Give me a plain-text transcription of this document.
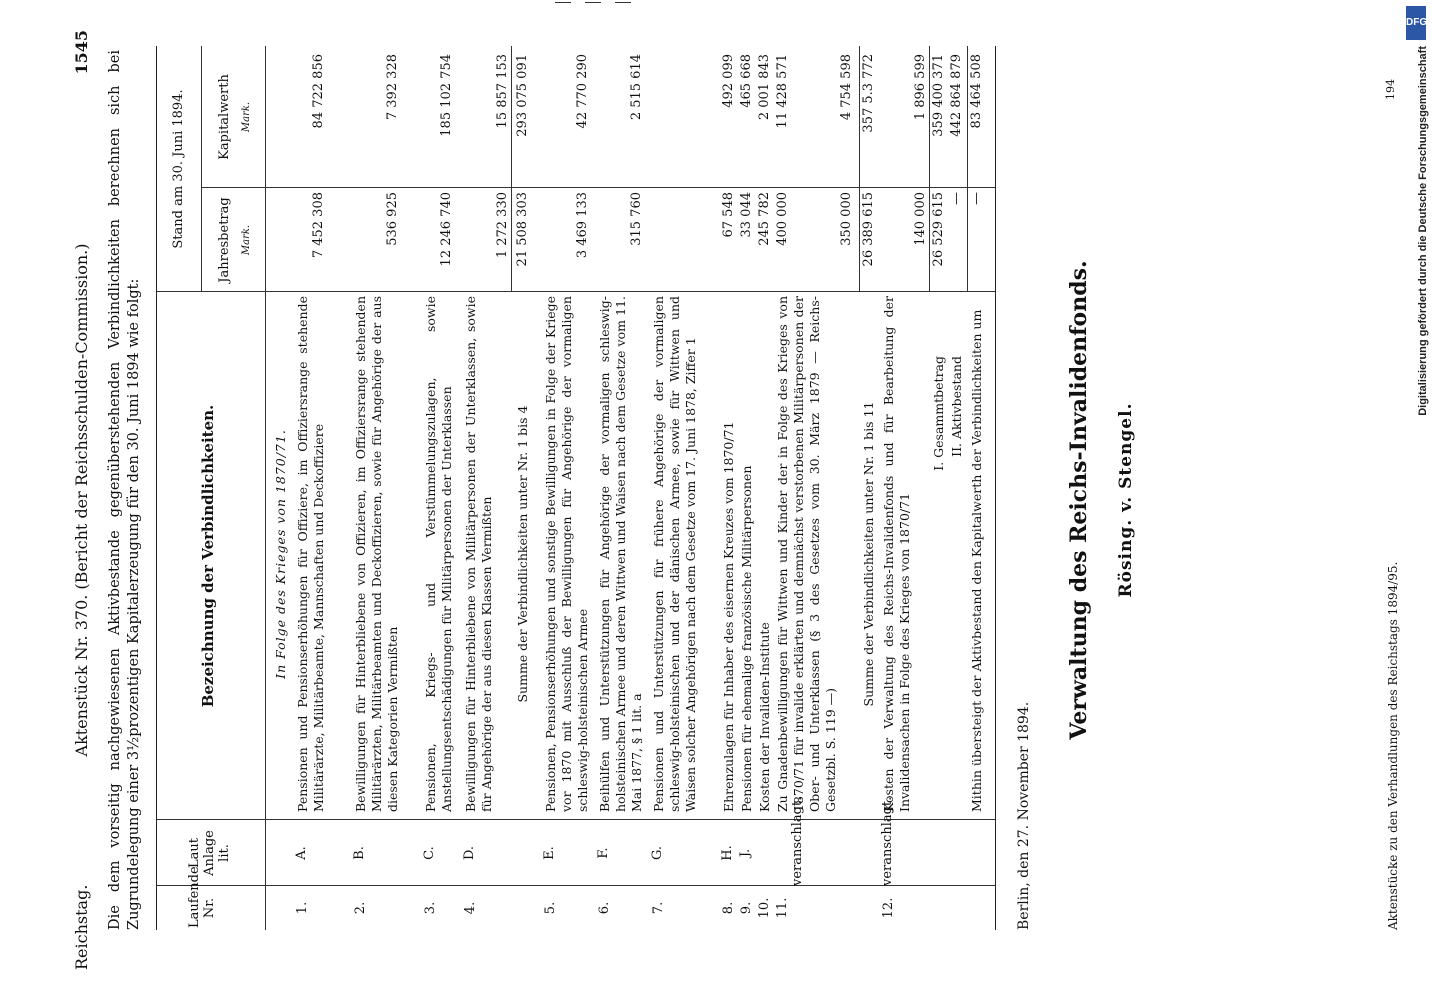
Reichstag.
Aktenstück Nr. 370. (Bericht der Reichsschulden-Commission.)
1545 Die dem vorseitig nachgewiesenen Aktivbestande gegenüberstehenden Verbindlichkeiten berechnen sich bei Zugrundelegung einer 3½prozentigen Kapitalerzeugung für den 30. Juni 1894 wie folgt:	Laufende Nr.
Laut Anlage lit.
Bezeichnung der Verbindlichkeiten.
Stand am 30. Juni 1894. Jahresbetrag Mark.
Kapitalwerth Mark.
In Folge des Krieges von 1870/71.
1.
A.
Pensionen und Pensionserhöhungen für Offiziere, im Offiziersrange stehende Militärärzte, Militärbeamte, Mannschaften und Deckoffiziere
7 452 308
84 722 856
2.
B.
Bewilligungen für Hinterbliebene von Offizieren, im Offiziersrange stehenden Militärärzten, Militärbeamten und Deckoffizieren, sowie für Angehörige der aus diesen Kategorien Vermißten
536 925
7 392 328
3.
C.
Pensionen, Kriegs- und Verstümmelungszulagen, sowie Anstellungsentschädigungen für Militärpersonen der Unterklassen
12 246 740
185 102 754
4.
D.
Bewilligungen für Hinterbliebene von Militärpersonen der Unterklassen, sowie für Angehörige der aus diesen Klassen Vermißten
1 272 330
15 857 153
Summe der Verbindlichkeiten unter Nr. 1 bis 4
21 508 303
293 075 091
5.
E.
Pensionen, Pensionserhöhungen und sonstige Bewilligungen in Folge der Kriege vor 1870 mit Ausschluß der Bewilligungen für Angehörige der vormaligen schleswig-holsteinischen Armee
3 469 133
42 770 290
6.
F.
Beihülfen und Unterstützungen für Angehörige der vormaligen schleswig-holsteinischen Armee und deren Wittwen und Waisen nach dem Gesetze vom 11. Mai 1877, § 1 lit. a
315 760
2 515 614
7.
G.
Pensionen und Unterstützungen für frühere Angehörige der vormaligen schleswig-holsteinischen und der dänischen Armee, sowie für Wittwen und Waisen solcher Angehörigen nach dem Gesetze vom 17. Juni 1878, Ziffer 1
8.
H.
Ehrenzulagen für Inhaber des eisernen Kreuzes vom 1870/71
67 548
492 099
9.
J.
Pensionen für ehemalige französische Militärpersonen
33 044
465 668
10.
Kosten der Invaliden-Institute
245 782
2 001 843
11.
veranschlagt.
Zu Gnadenbewilligungen für Wittwen und Kinder der in Folge des Krieges von 1870/71 für invalide erklärten und demnächst verstorbenen Militärpersonen der Ober- und Unterklassen (§ 3 des Gesetzes vom 30. März 1879 — Reichs-Gesetzbl. S. 119 —)
400 000

350 000
11 428 571

4 754 598
Summe der Verbindlichkeiten unter Nr. 1 bis 11
26 389 615
357 5.3 772
12.
veranschlagt.
Kosten der Verwaltung des Reichs-Invalidenfonds und für Bearbeitung der Invalidensachen in Folge des Krieges von 1870/71
140 000
1 896 599
I. Gesammtbetrag
26 529 615
359 400 371
II. Aktivbestand
—
442 864 879
Mithin übersteigt der Aktivbestand den Kapitalwerth der Verbindlichkeiten um
—
83 464 508
Berlin, den 27. November 1894.
Verwaltung des Reichs-Invalidenfonds. Rösing. v. Stengel.
Aktenstücke zu den Verhandlungen des Reichstags 1894/95.
194
DFG
Digitalisierung gefördert durch die Deutsche Forschungsgemeinschaft
